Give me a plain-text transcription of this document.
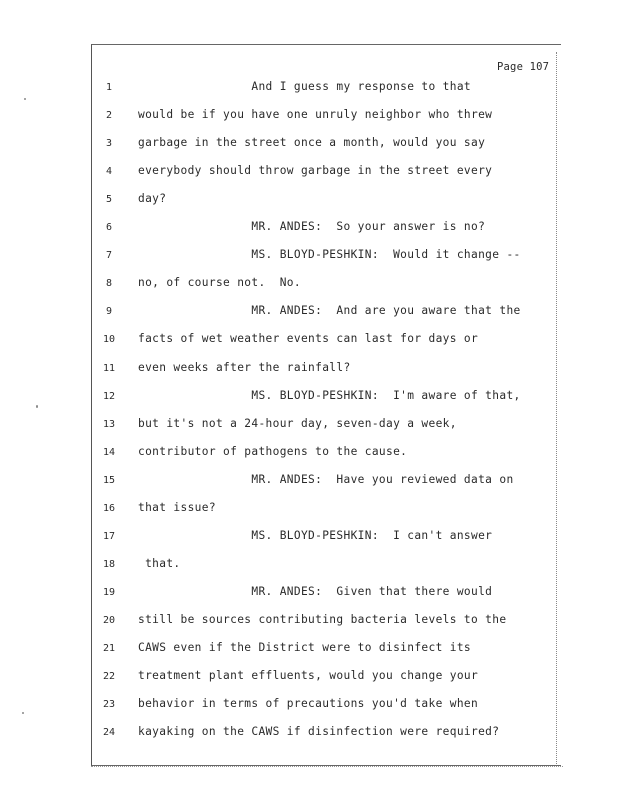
Page 107
1	And I guess my response to that
2	would be if you have one unruly neighbor who threw
3	garbage in the street once a month, would you say
4	everybody should throw garbage in the street every
5	day?
6	MR. ANDES:  So your answer is no?
7	MS. BLOYD-PESHKIN:  Would it change --
8	no, of course not.  No.
9	MR. ANDES:  And are you aware that the
10 facts of wet weather events can last for days or
11 even weeks after the rainfall?
12 MS. BLOYD-PESHKIN:  I'm aware of that,
13 but it's not a 24-hour day, seven-day a week,
14 contributor of pathogens to the cause.
15 MR. ANDES:  Have you reviewed data on
16 that issue?
17 MS. BLOYD-PESHKIN:  I can't answer
18 that.
19 MR. ANDES:  Given that there would
20 still be sources contributing bacteria levels to the
21 CAWS even if the District were to disinfect its
22 treatment plant effluents, would you change your
23 behavior in terms of precautions you'd take when
24 kayaking on the CAWS if disinfection were required?
